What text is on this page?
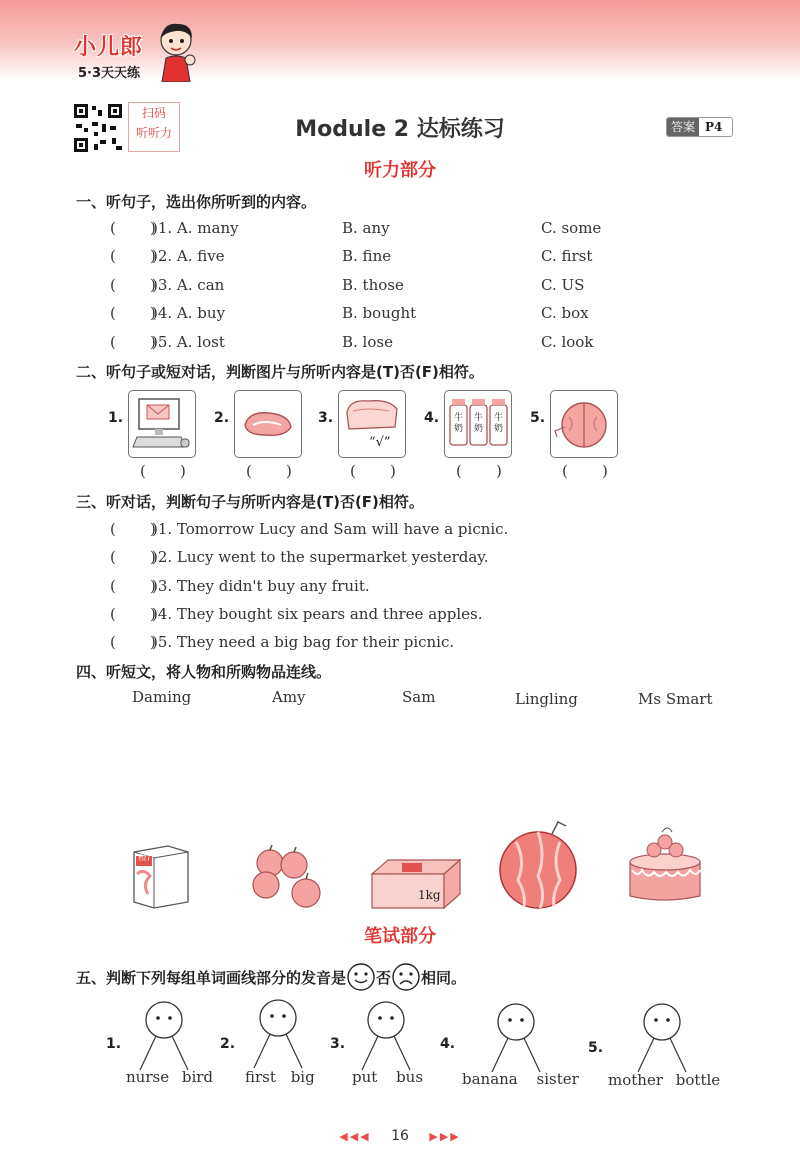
小儿郎
5·3天天练
扫码
听听力	Module 2 达标练习	答案 P4
听力部分
一、听句子，选出你所听到的内容。
)1. A. many	B. any	C. some
)2. A. five	B. fine	C. first
)3. A. can	B. those	C. US
)4. A. buy	B. bought	C. box
)5. A. lost	B. lose	C. look
二、听句子或短对话，判断图片与所听内容是(T)否(F)相符。
1.	2.	3.
“√”
4. 牛
奶
牛
奶
牛
奶
5.
三、听对话，判断句子与所听内容是(T)否(F)相符。
)1. Tomorrow Lucy and Sam will have a picnic.
)2. Lucy went to the supermarket yesterday.
)3. They didn't buy any fruit.
)4. They bought six pears and three apples.
)5. They need a big bag for their picnic.
四、听短文，将人物和所购物品连线。
Daming	Amy	Sam	Lingling	Ms Smart
橙汁
1kg
笔试部分
五、判断下列每组单词画线部分的发音是 否 相同。
1.
nurse bird
2.
first big
3.
put bus
4.
banana sister
5.
mother bottle
◀◀◀ 16 ▶▶▶
